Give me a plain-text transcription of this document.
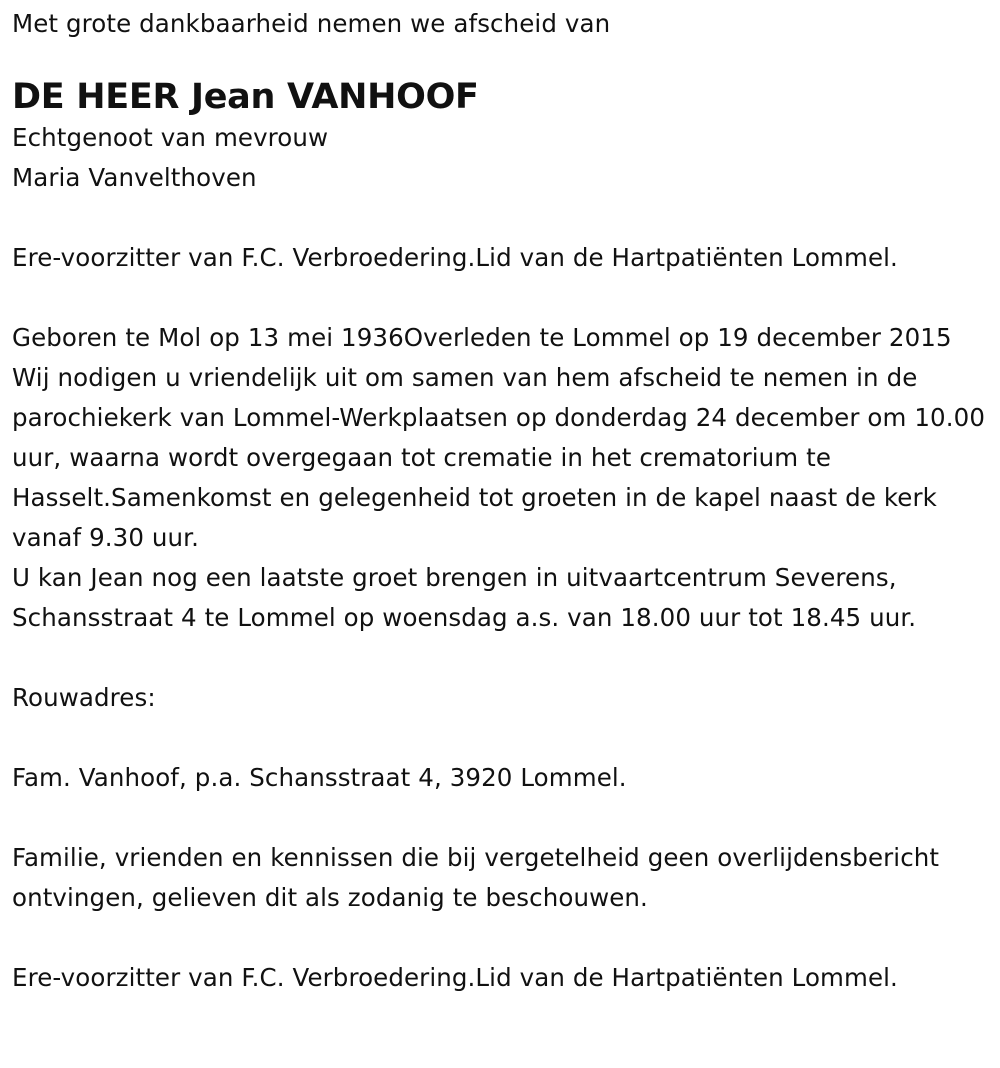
Met grote dankbaarheid nemen we afscheid van

DE HEER Jean VANHOOF

Echtgenoot van mevrouw

Maria Vanvelthoven

Ere-voorzitter van F.C. Verbroedering.Lid van de Hartpatiënten Lommel.

Geboren te Mol op 13 mei 1936Overleden te Lommel op 19 december 2015

Wij nodigen u vriendelijk uit om samen van hem afscheid te nemen in de parochiekerk van Lommel-Werkplaatsen op donderdag 24 december om 10.00 uur, waarna wordt overgegaan tot crematie in het crematorium te Hasselt.Samenkomst en gelegenheid tot groeten in de kapel naast de kerk vanaf 9.30 uur.

U kan Jean nog een laatste groet brengen in uitvaartcentrum Severens, Schansstraat 4 te Lommel op woensdag a.s. van 18.00 uur tot 18.45 uur.

Rouwadres:

Fam. Vanhoof, p.a. Schansstraat 4, 3920 Lommel.

Familie, vrienden en kennissen die bij vergetelheid geen overlijdensbericht ontvingen, gelieven dit als zodanig te beschouwen.

Ere-voorzitter van F.C. Verbroedering.Lid van de Hartpatiënten Lommel.
